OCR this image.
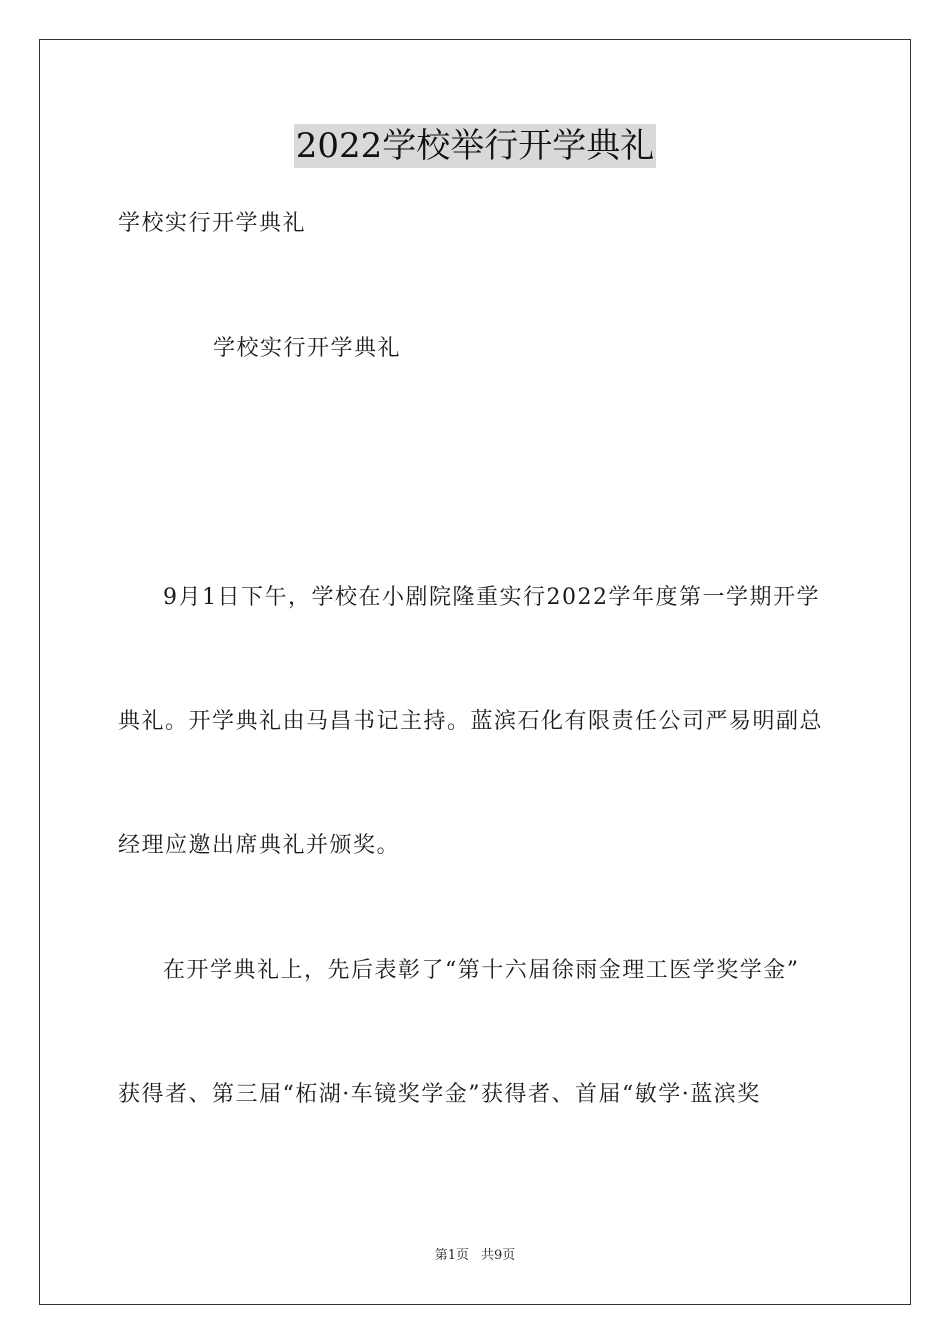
2022学校举行开学典礼
学校实行开学典礼
学校实行开学典礼
9月1日下午，学校在小剧院隆重实行2022学年度第一学期开学
典礼。开学典礼由马昌书记主持。蓝滨石化有限责任公司严易明副总
经理应邀出席典礼并颁奖。
在开学典礼上，先后表彰了“第十六届徐雨金理工医学奖学金”
获得者、第三届“柘湖·车镜奖学金”获得者、首届“敏学·蓝滨奖
第1页 共9页
